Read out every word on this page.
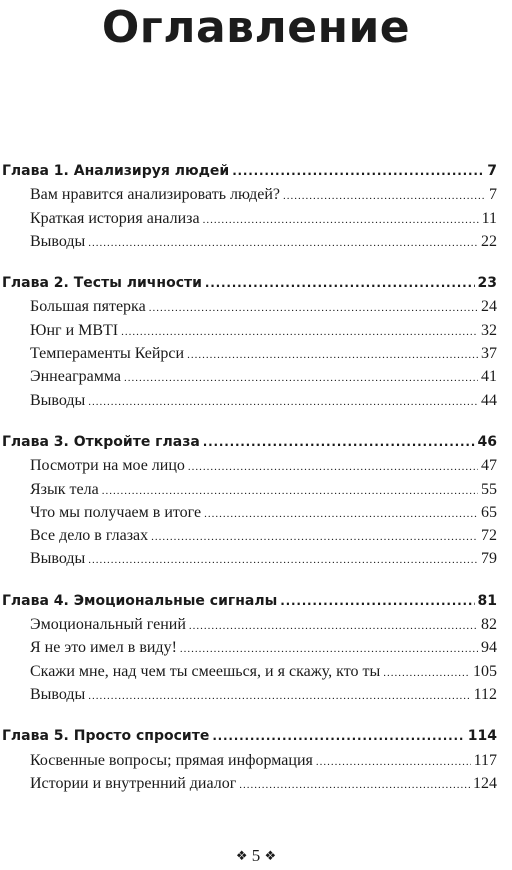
Оглавление
Глава 1. Анализируя людей .....	7
Вам нравится анализировать людей? .....	7
Краткая история анализа .....	11
Выводы .....	22
Глава 2. Тесты личности .....	23
Большая пятерка .....	24
Юнг и MBTI .....	32
Темпераменты Кейрси .....	37
Эннеаграмма .....	41
Выводы .....	44
Глава 3. Откройте глаза .....	46
Посмотри на мое лицо .....	47
Язык тела .....	55
Что мы получаем в итоге .....	65
Все дело в глазах .....	72
Выводы .....	79
Глава 4. Эмоциональные сигналы .....	81
Эмоциональный гений .....	82
Я не это имел в виду! .....	94
Скажи мне, над чем ты смеешься, и я скажу, кто ты .....	105
Выводы .....	112
Глава 5. Просто спросите .....	114
Косвенные вопросы; прямая информация .....	117
Истории и внутренний диалог .....	124
❖ 5 ❖
